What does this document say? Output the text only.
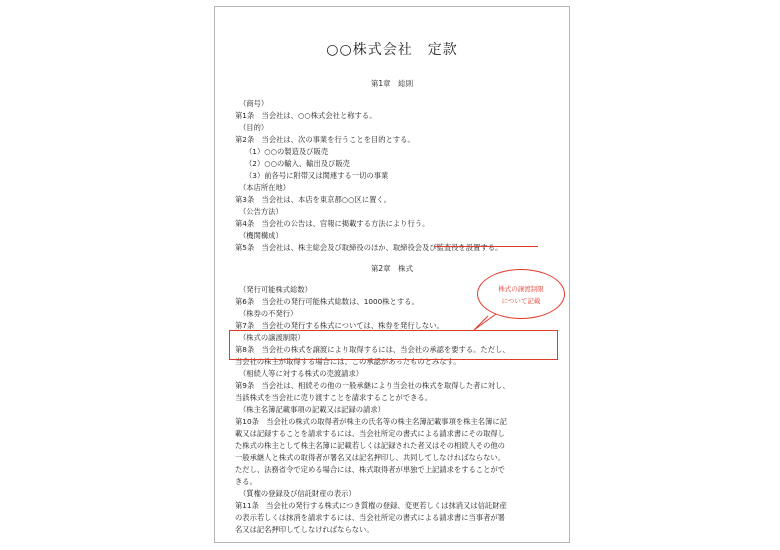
○○株式会社　定款
第1章　総則
（商号）
第1条　当会社は、○○株式会社と称する。
（目的）
第2条　当会社は、次の事業を行うことを目的とする。
（1）○○の製造及び販売
（2）○○の輸入、輸出及び販売
（3）前各号に附帯又は関連する一切の事業
（本店所在地）
第3条　当会社は、本店を東京都○○区に置く。
（公告方法）
第4条　当会社の公告は、官報に掲載する方法により行う。
（機関構成）
第5条　当会社は、株主総会及び取締役のほか、取締役会及び監査役を設置する。
第2章　株式
（発行可能株式総数）
第6条　当会社の発行可能株式総数は、1000株とする。
（株券の不発行）
第7条　当会社の発行する株式については、株券を発行しない。
（株式の譲渡制限）
第8条　当会社の株式を譲渡により取得するには、当会社の承認を要する。ただし、
当会社の株主が取得する場合には、この承認があったものとみなす。
（相続人等に対する株式の売渡請求）
第9条　当会社は、相続その他の一般承継により当会社の株式を取得した者に対し、
当該株式を当会社に売り渡すことを請求することができる。
（株主名簿記載事項の記載又は記録の請求）
第10条　当会社の株式の取得者が株主の氏名等の株主名簿記載事項を株主名簿に記
載又は記録することを請求するには、当会社所定の書式による請求書にその取得し
た株式の株主として株主名簿に記載若しくは記録された者又はその相続人その他の
一般承継人と株式の取得者が署名又は記名押印し、共同してしなければならない。
ただし、法務省令で定める場合には、株式取得者が単独で上記請求をすることがで
きる。
（質権の登録及び信託財産の表示）
第11条　当会社の発行する株式につき質権の登録、変更若しくは抹消又は信託財産
の表示若しくは抹消を請求するには、当会社所定の書式による請求書に当事者が署
名又は記名押印してしなければならない。
株式の譲渡制限
について記載
